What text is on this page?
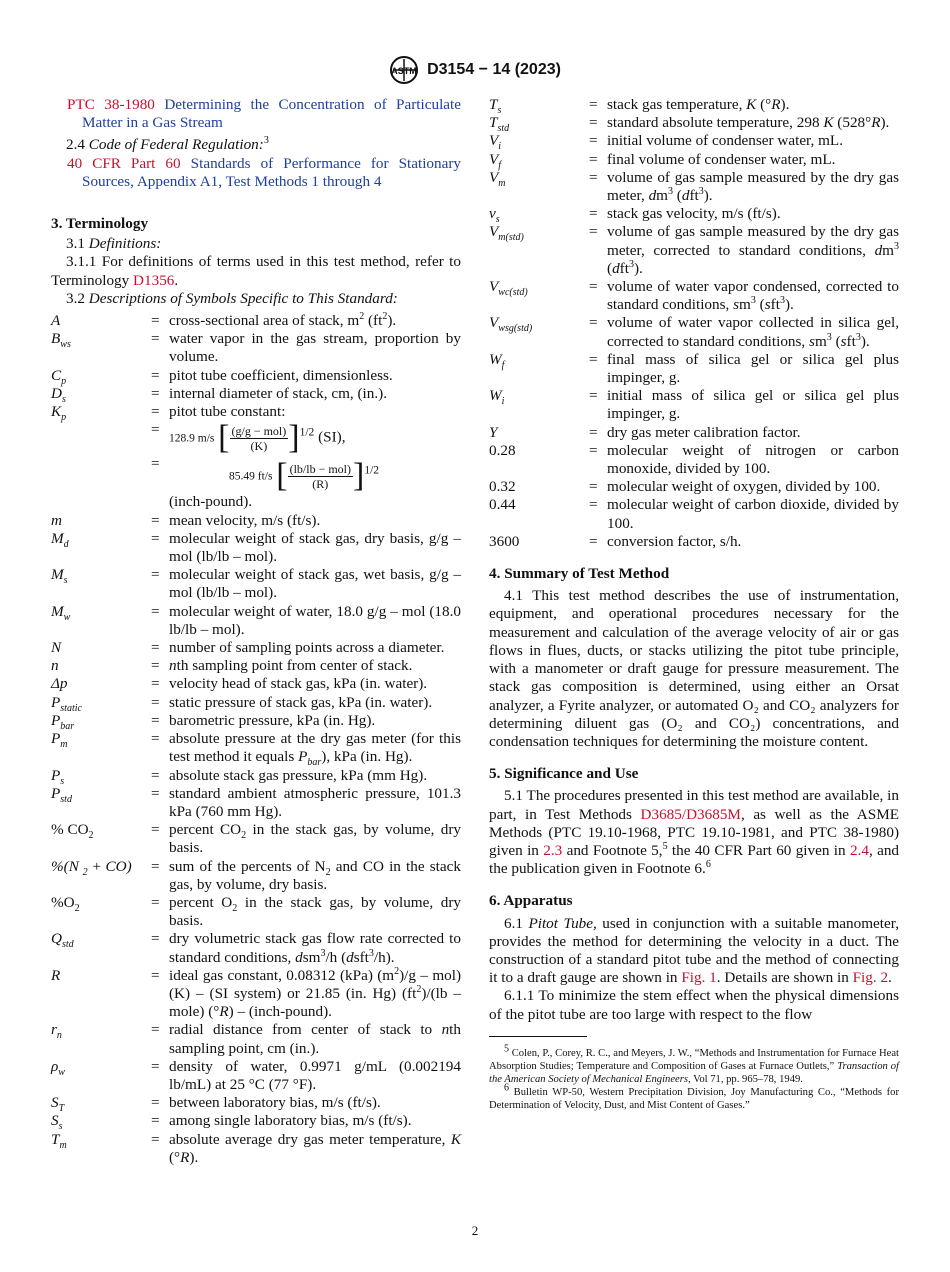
ASTM D3154 − 14 (2023)

PTC 38-1980 Determining the Concentration of Particulate Matter in a Gas Stream

2.4 Code of Federal Regulation:$^3$

40 CFR Part 60 Standards of Performance for Stationary Sources, Appendix A1, Test Methods 1 through 4

3. Terminology

3.1 Definitions:

3.1.1 For definitions of terms used in this test method, refer to Terminology D1356.

3.2 Descriptions of Symbols Specific to This Standard:

A	= cross-sectional area of stack, $m^2$ $(ft^2)$.
$B_{ws}$	= water vapor in the gas stream, proportion by volume.
$C_p$	= pitot tube coefficient, dimensionless.
$D_s$	= internal diameter of stack, cm, (in.).
$K_p$	= pitot tube constant:
=
128.9 m/s [ $\frac{\text{(g/g − mol)}}{(K)} ]^{1/2}$ (SI),
=
85.49 ft/s [ $\frac{\text{(lb/lb − mol)}}{(R)} ]^{1/2}$
(inch-pound).
m	= mean velocity, m/s (ft/s).
$M_d$	= molecular weight of stack gas, dry basis, g/g – mol (lb/lb – mol).
$M_s$	= molecular weight of stack gas, wet basis, g/g – mol (lb/lb – mol).
$M_w$	= molecular weight of water, 18.0 g/g – mol (18.0 lb/lb – mol).
N	= number of sampling points across a diameter.
n	= nth sampling point from center of stack.
Δp	= velocity head of stack gas, kPa (in. water).
$P_{static}$	= static pressure of stack gas, kPa (in. water).
$P_{bar}$	= barometric pressure, kPa (in. Hg).
$P_m$	= absolute pressure at the dry gas meter (for this test method it equals $P_{bar}$), kPa (in. Hg).
$P_s$	= absolute stack gas pressure, kPa (mm Hg).
$P_{std}$	= standard ambient atmospheric pressure, 101.3 kPa (760 mm Hg).
% $CO_2$	= percent $CO_2$ in the stack gas, by volume, dry basis.
%(N $_2$ + CO)	= sum of the percents of $N_2$ and CO in the stack gas, by volume, dry basis.
$\%O_2$	= percent $O_2$ in the stack gas, by volume, dry basis.
$Q_{std}$	= dry volumetric stack gas flow rate corrected to standard conditions, dsm$^3$/h (dsft$^3$/h).
R	= ideal gas constant, 0.08312 (kPa) $(m^2)/g - mol$) (K) – (SI system) or 21.85 (in. Hg) $(ft^2)/(lb$ – mole) (°R) – (inch-pound).
$r_n$	= radial distance from center of stack to nth sampling point, cm (in.).
$\rho_w$	= density of water, 0.9971 g/mL (0.002194 lb/mL) at 25 °C (77 °F).
$S_T$	= between laboratory bias, m/s (ft/s).
$S_s$	= among single laboratory bias, m/s (ft/s).
$T_m$	= absolute average dry gas meter temperature, K (°R).
$T_s$	= stack gas temperature, K (°R).
$T_{std}$	= standard absolute temperature, 298 K (528°R).
$V_i$	= initial volume of condenser water, mL.
$V_f$	= final volume of condenser water, mL.
$V_m$	= volume of gas sample measured by the dry gas meter, $dm^3$ (dft$^3$).
$v_s$	= stack gas velocity, m/s (ft/s).
$V_{m(std)}$	= volume of gas sample measured by the dry gas meter, corrected to standard conditions, $dm^3$ (dft$^3$).
$V_{wc(std)}$	= volume of water vapor condensed, corrected to standard conditions, $sm^3$ (sft$^3$).
$V_{wsg(std)}$	= volume of water vapor collected in silica gel, corrected to standard conditions, $sm^3$ (sft$^3$).
$W_f$	= final mass of silica gel or silica gel plus impinger, g.
$W_i$	= initial mass of silica gel or silica gel plus impinger, g.
Y	= dry gas meter calibration factor.
0.28	= molecular weight of nitrogen or carbon monoxide, divided by 100.
0.32	= molecular weight of oxygen, divided by 100.
0.44	= molecular weight of carbon dioxide, divided by 100.
3600	= conversion factor, s/h.
4. Summary of Test Method

4.1 This test method describes the use of instrumentation, equipment, and operational procedures necessary for the measurement and calculation of the average velocity of air or gas flows in flues, ducts, or stacks utilizing the pitot tube principle, with a manometer or draft gauge for pressure measurement. The stack gas composition is determined, using either an Orsat analyzer, a Fyrite analyzer, or automated O₂ and CO₂ analyzers for determining diluent gas (O₂ and CO₂) concentrations, and condensation techniques for determining the moisture content.

5. Significance and Use

5.1 The procedures presented in this test method are available, in part, in Test Methods D3685/D3685M, as well as the ASME Methods (PTC 19.10-1968, PTC 19.10-1981, and PTC 38-1980) given in 2.3 and Footnote 5,$^5$ the 40 CFR Part 60 given in 2.4, and the publication given in Footnote 6.$^6$

6. Apparatus

6.1 Pitot Tube, used in conjunction with a suitable manometer, provides the method for determining the velocity in a duct. The construction of a standard pitot tube and the method of connecting it to a draft gauge are shown in Fig. 1. Details are shown in Fig. 2.

6.1.1 To minimize the stem effect when the physical dimensions of the pitot tube are too large with respect to the flow

$^5$ Colen, P., Corey, R. C., and Meyers, J. W., “Methods and Instrumentation for Furnace Heat Absorption Studies; Temperature and Composition of Gases at Furnace Outlets,” Transaction of the American Society of Mechanical Engineers, Vol 71, pp. 965–78, 1949.

$^6$ Bulletin WP-50, Western Precipitation Division, Joy Manufacturing Co., “Methods for Determination of Velocity, Dust, and Mist Content of Gases.”

2
